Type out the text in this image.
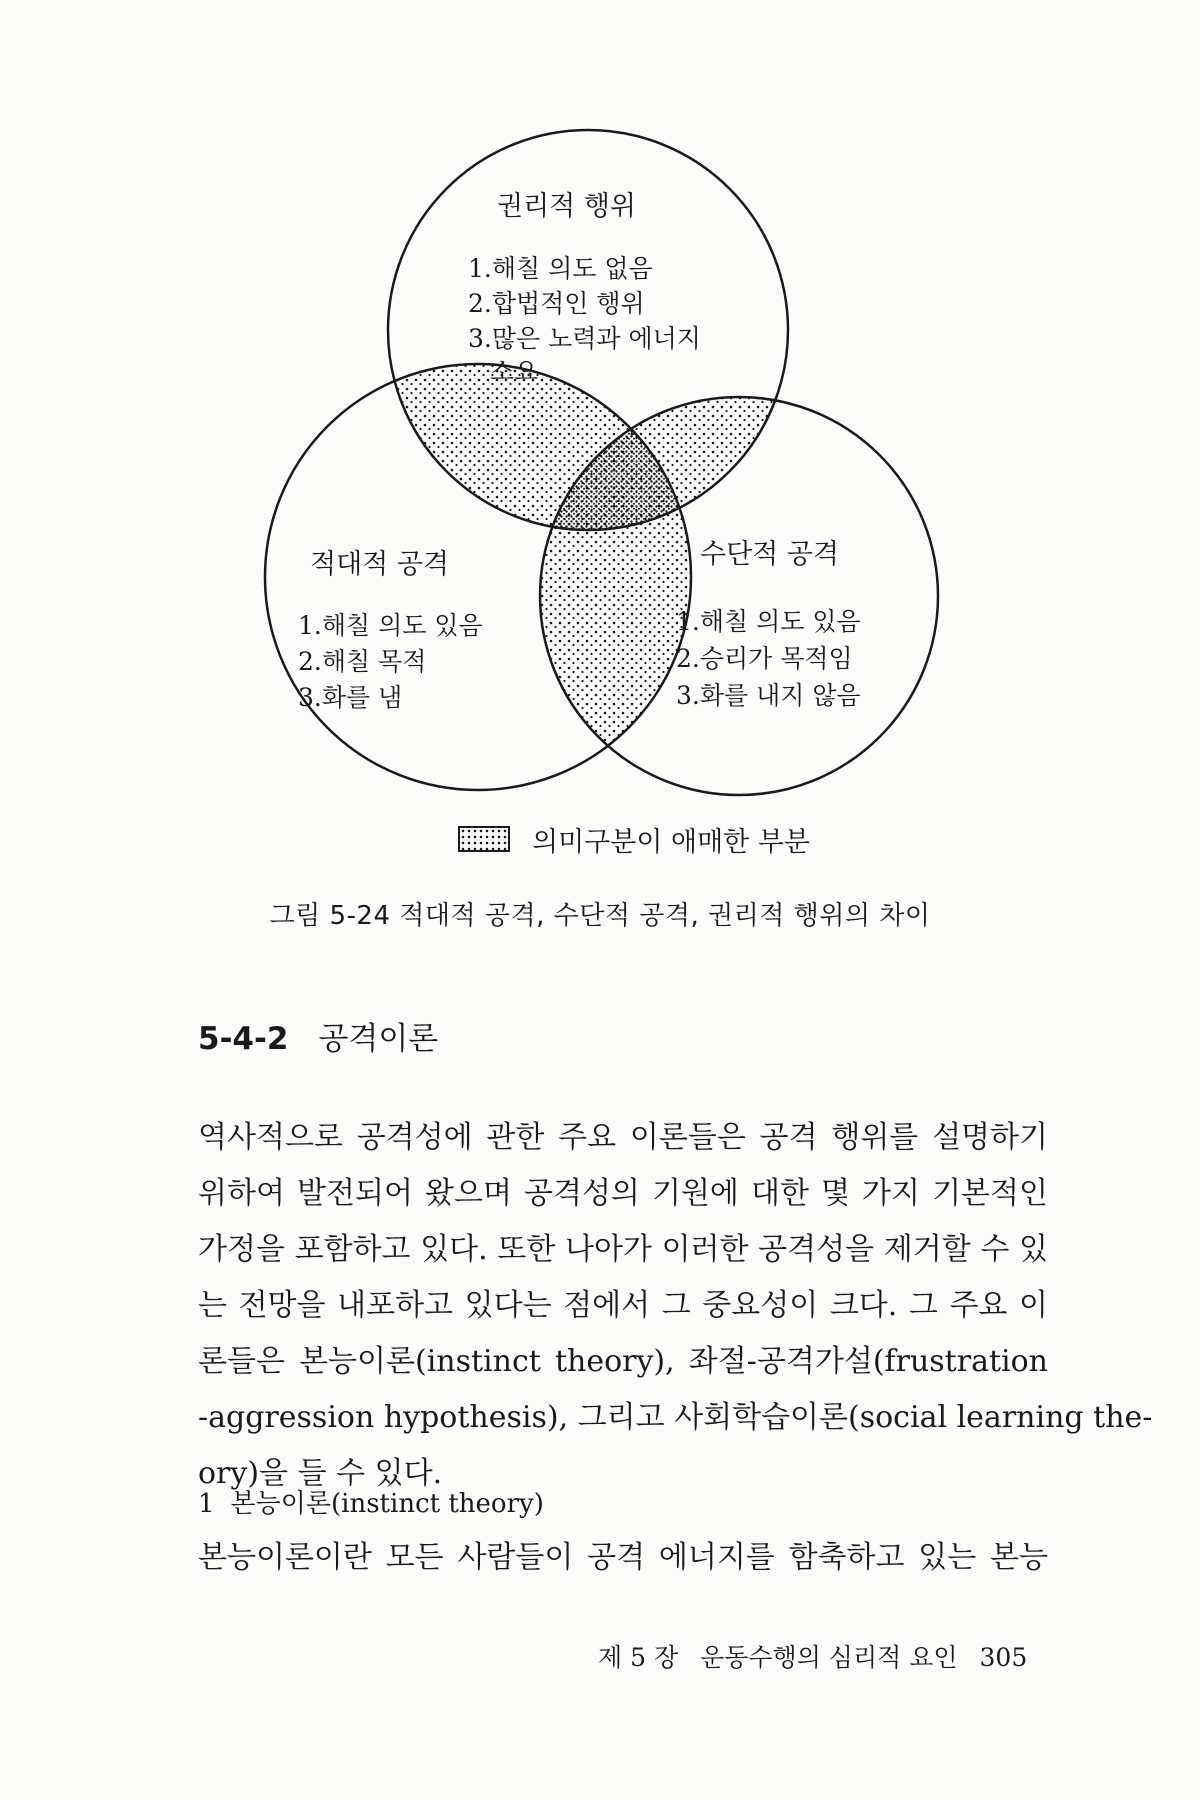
권리적 행위
1.해칠 의도 없음
2.합법적인 행위
3.많은 노력과 에너지
소요
적대적 공격
1.해칠 의도 있음
2.해칠 목적
3.화를 냄
수단적 공격
1.해칠 의도 있음
2.승리가 목적임
3.화를 내지 않음
의미구분이 애매한 부분
그림 5-24 적대적 공격, 수단적 공격, 권리적 행위의 차이
5-4-2 공격이론
역사적으로 공격성에 관한 주요 이론들은 공격 행위를 설명하기
위하여 발전되어 왔으며 공격성의 기원에 대한 몇 가지 기본적인
가정을 포함하고 있다. 또한 나아가 이러한 공격성을 제거할 수 있
는 전망을 내포하고 있다는 점에서 그 중요성이 크다. 그 주요 이
론들은 본능이론(instinct theory), 좌절-공격가설(frustration
-aggression hypothesis), 그리고 사회학습이론(social learning the-
ory)을 들 수 있다.
1 본능이론(instinct theory)
본능이론이란 모든 사람들이 공격 에너지를 함축하고 있는 본능
제 5 장 운동수행의 심리적 요인 305
